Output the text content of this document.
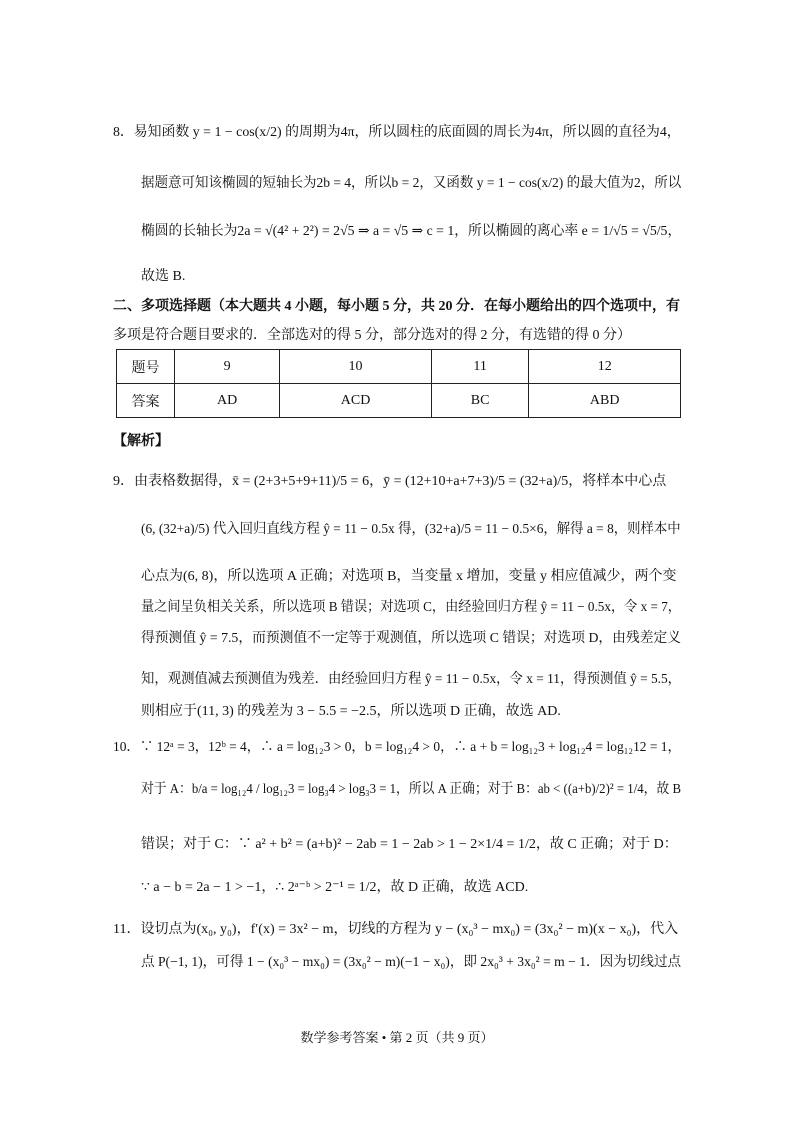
8．易知函数 y = 1 − cos(x/2) 的周期为4π，所以圆柱的底面圆的周长为4π，所以圆的直径为4，
据题意可知该椭圆的短轴长为2b = 4，所以b = 2，又函数 y = 1 − cos(x/2) 的最大值为2，所以
椭圆的长轴长为2a = √(4² + 2²) = 2√5 ⇒ a = √5 ⇒ c = 1，所以椭圆的离心率 e = 1/√5 = √5/5，
故选 B.
二、多项选择题（本大题共 4 小题，每小题 5 分，共 20 分．在每小题给出的四个选项中，有
多项是符合题目要求的．全部选对的得 5 分，部分选对的得 2 分，有选错的得 0 分）
题号	9	10	11	12
答案	AD	ACD	BC	ABD
【解析】
9．由表格数据得，x̄ = (2+3+5+9+11)/5 = 6，ȳ = (12+10+a+7+3)/5 = (32+a)/5，将样本中心点
(6, (32+a)/5) 代入回归直线方程 ŷ = 11 − 0.5x 得，(32+a)/5 = 11 − 0.5×6，解得 a = 8，则样本中
心点为(6, 8)，所以选项 A 正确；对选项 B，当变量 x 增加，变量 y 相应值减少，两个变
量之间呈负相关关系，所以选项 B 错误；对选项 C，由经验回归方程 ŷ = 11 − 0.5x，令 x = 7，
得预测值 ŷ = 7.5，而预测值不一定等于观测值，所以选项 C 错误；对选项 D，由残差定义
知，观测值减去预测值为残差．由经验回归方程 ŷ = 11 − 0.5x，令 x = 11，得预测值 ŷ = 5.5，
则相应于(11, 3) 的残差为 3 − 5.5 = −2.5，所以选项 D 正确，故选 AD.
10．∵ 12ᵃ = 3，12ᵇ = 4，∴ a = log₁₂3 > 0，b = log₁₂4 > 0，∴ a + b = log₁₂3 + log₁₂4 = log₁₂12 = 1，
对于 A：b/a = log₁₂4 / log₁₂3 = log₃4 > log₃3 = 1，所以 A 正确；对于 B：ab < ((a+b)/2)² = 1/4，故 B
错误；对于 C：∵ a² + b² = (a+b)² − 2ab = 1 − 2ab > 1 − 2×1/4 = 1/2，故 C 正确；对于 D：
∵ a − b = 2a − 1 > −1，∴ 2ᵃ⁻ᵇ > 2⁻¹ = 1/2，故 D 正确，故选 ACD.
11．设切点为(x₀, y₀)，f′(x) = 3x² − m，切线的方程为 y − (x₀³ − mx₀) = (3x₀² − m)(x − x₀)，代入
点 P(−1, 1)，可得 1 − (x₀³ − mx₀) = (3x₀² − m)(−1 − x₀)，即 2x₀³ + 3x₀² = m − 1．因为切线过点
数学参考答案 • 第 2 页（共 9 页）
